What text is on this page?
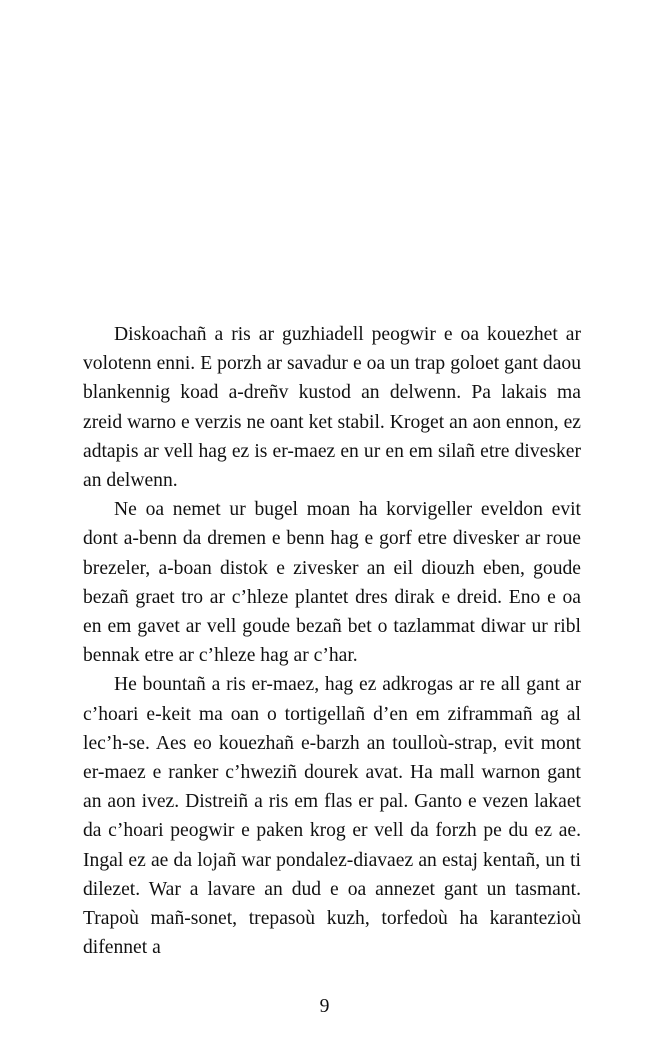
Diskoachañ a ris ar guzhiadell peogwir e oa kouezhet ar volotenn enni. E porzh ar savadur e oa un trap goloet gant daou blankennig koad a-dreñv kustod an delwenn. Pa lakais ma zreid warno e verzis ne oant ket stabil. Kroget an aon ennon, ez adtapis ar vell hag ez is er-maez en ur en em silañ etre divesker an delwenn.

Ne oa nemet ur bugel moan ha korvigeller eveldon evit dont a-benn da dremen e benn hag e gorf etre divesker ar roue brezeler, a-boan distok e zivesker an eil diouzh eben, goude bezañ graet tro ar c’hleze plantet dres dirak e dreid. Eno e oa en em gavet ar vell goude bezañ bet o tazlammat diwar ur ribl bennak etre ar c’hleze hag ar c’har.

He bountañ a ris er-maez, hag ez adkrogas ar re all gant ar c’hoari e-keit ma oan o tortigellañ d’en em ziframmañ ag al lec’h-se. Aes eo kouezhañ e-barzh an toulloù-strap, evit mont er-maez e ranker c’hweziñ dourek avat. Ha mall warnon gant an aon ivez. Distreiñ a ris em flas er pal. Ganto e vezen lakaet da c’hoari peogwir e paken krog er vell da forzh pe du ez ae. Ingal ez ae da lojañ war pondalez-diavaez an estaj kentañ, un ti dilezet. War a lavare an dud e oa annezet gant un tasmant. Trapoù mañ-sonet, trepasoù kuzh, torfedoù ha karantezioù difennet a

9
